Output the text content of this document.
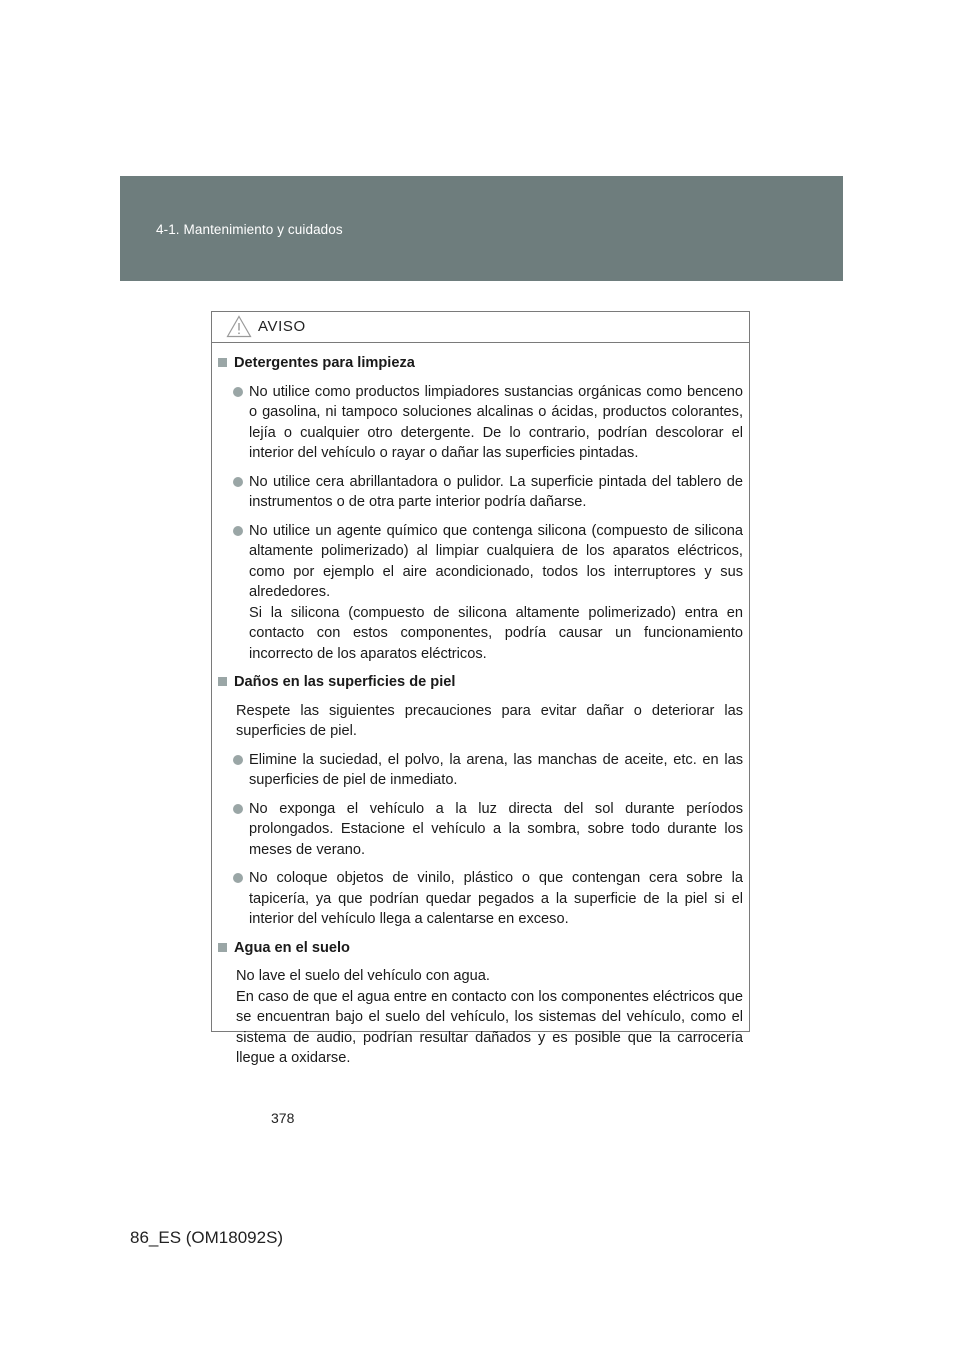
4-1. Mantenimiento y cuidados
AVISO
Detergentes para limpieza
No utilice como productos limpiadores sustancias orgánicas como benceno o gasolina, ni tampoco soluciones alcalinas o ácidas, productos colorantes, lejía o cualquier otro detergente. De lo contrario, podrían descolorar el interior del vehículo o rayar o dañar las superficies pintadas.
No utilice cera abrillantadora o pulidor. La superficie pintada del tablero de instrumentos o de otra parte interior podría dañarse.
No utilice un agente químico que contenga silicona (compuesto de silicona altamente polimerizado) al limpiar cualquiera de los aparatos eléctricos, como por ejemplo el aire acondicionado, todos los interruptores y sus alrededores.
Si la silicona (compuesto de silicona altamente polimerizado) entra en contacto con estos componentes, podría causar un funcionamiento incorrecto de los aparatos eléctricos.
Daños en las superficies de piel
Respete las siguientes precauciones para evitar dañar o deteriorar las superficies de piel.
Elimine la suciedad, el polvo, la arena, las manchas de aceite, etc. en las superficies de piel de inmediato.
No exponga el vehículo a la luz directa del sol durante períodos prolongados. Estacione el vehículo a la sombra, sobre todo durante los meses de verano.
No coloque objetos de vinilo, plástico o que contengan cera sobre la tapicería, ya que podrían quedar pegados a la superficie de la piel si el interior del vehículo llega a calentarse en exceso.
Agua en el suelo
No lave el suelo del vehículo con agua.
En caso de que el agua entre en contacto con los componentes eléctricos que se encuentran bajo el suelo del vehículo, los sistemas del vehículo, como el sistema de audio, podrían resultar dañados y es posible que la carrocería llegue a oxidarse.
378
86_ES (OM18092S)
